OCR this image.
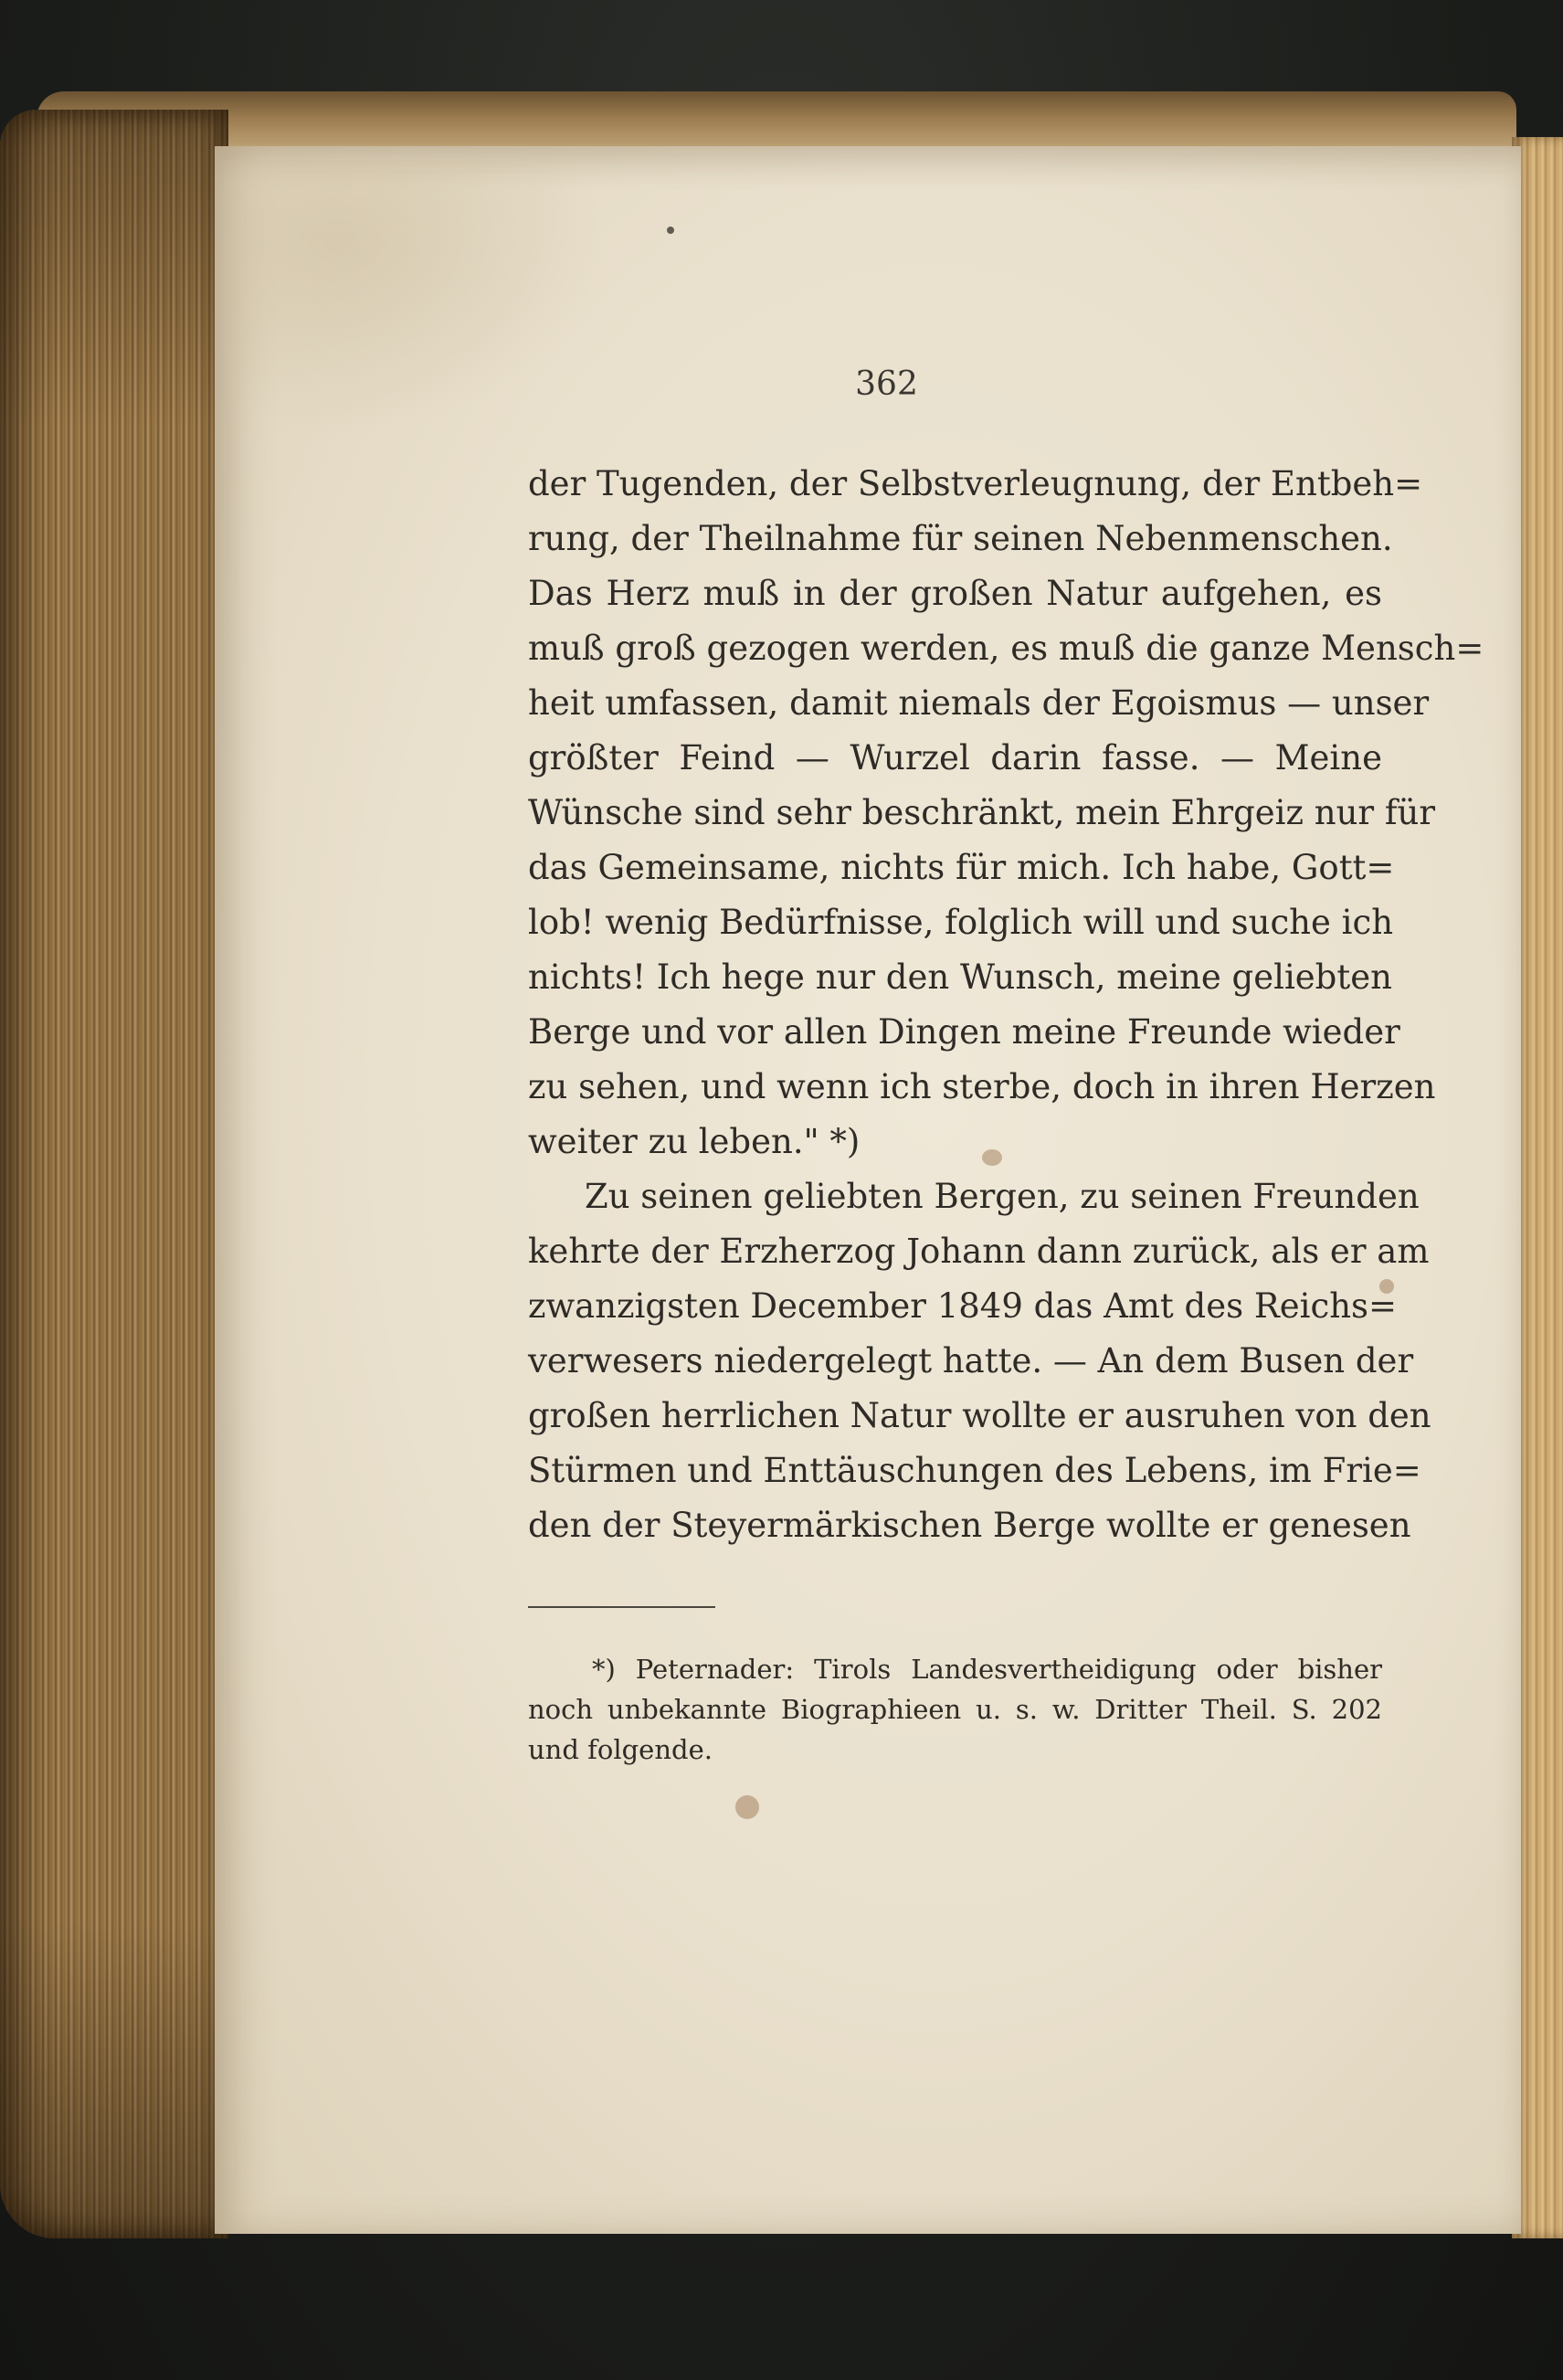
362
der Tugenden, der Selbstverleugnung, der Entbeh=
rung, der Theilnahme für seinen Nebenmenschen.
Das Herz muß in der großen Natur aufgehen, es
muß groß gezogen werden, es muß die ganze Mensch=
heit umfassen, damit niemals der Egoismus — unser
größter Feind — Wurzel darin fasse. — Meine
Wünsche sind sehr beschränkt, mein Ehrgeiz nur für
das Gemeinsame, nichts für mich. Ich habe, Gott=
lob! wenig Bedürfnisse, folglich will und suche ich
nichts! Ich hege nur den Wunsch, meine geliebten
Berge und vor allen Dingen meine Freunde wieder
zu sehen, und wenn ich sterbe, doch in ihren Herzen
weiter zu leben." *)
Zu seinen geliebten Bergen, zu seinen Freunden
kehrte der Erzherzog Johann dann zurück, als er am
zwanzigsten December 1849 das Amt des Reichs=
verwesers niedergelegt hatte. — An dem Busen der
großen herrlichen Natur wollte er ausruhen von den
Stürmen und Enttäuschungen des Lebens, im Frie=
den der Steyermärkischen Berge wollte er genesen
*) Peternader: Tirols Landesvertheidigung oder bisher
noch unbekannte Biographieen u. s. w. Dritter Theil. S. 202
und folgende.
